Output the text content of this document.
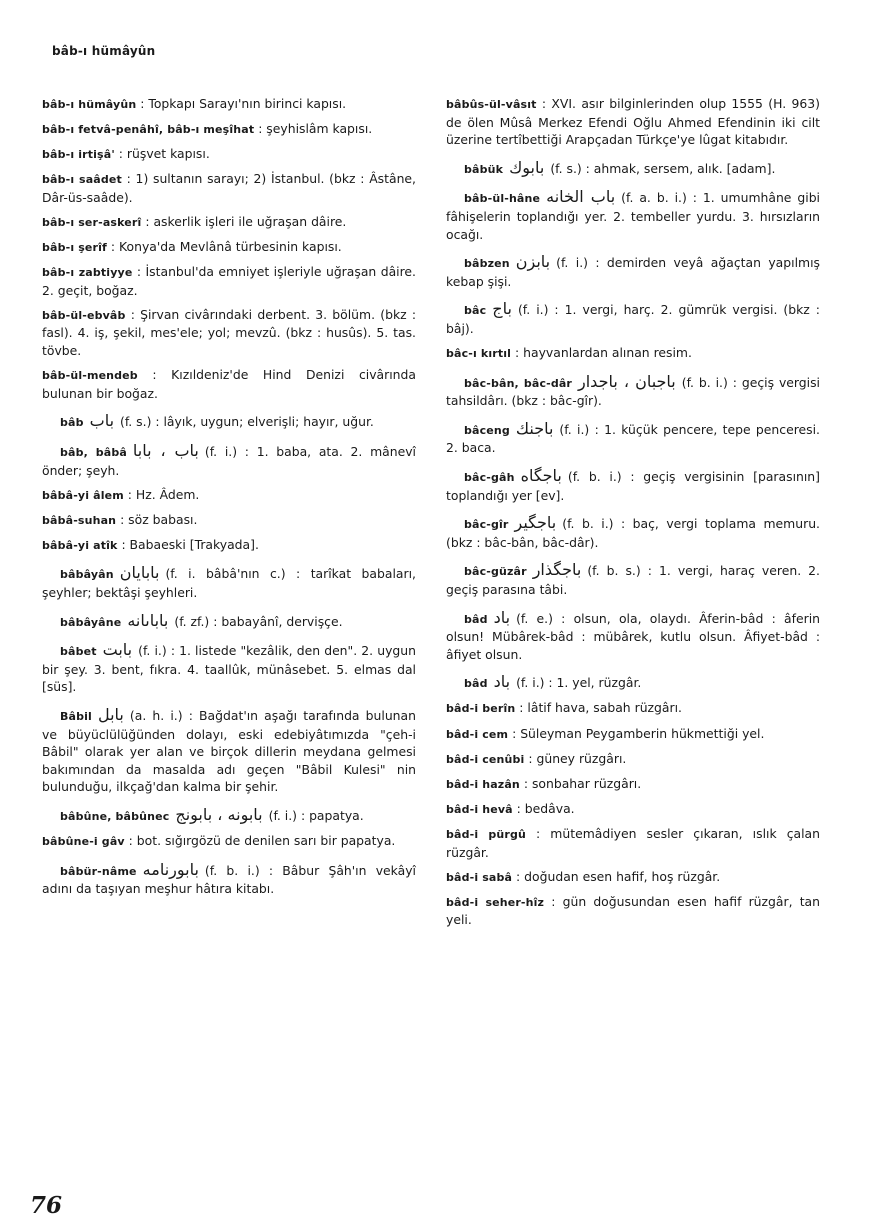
bâb-ı hümâyûn
bâb-ı hümâyûn : Topkapı Sarayı'nın birinci kapısı.
bâb-ı fetvâ-penâhî, bâb-ı meşîhat : şeyhislâm kapısı.
bâb-ı irtişâ' : rüşvet kapısı.
bâb-ı saâdet : 1) sultanın sarayı; 2) İstanbul. (bkz : Âstâne, Dâr-üs-saâde).
bâb-ı ser-askerî : askerlik işleri ile uğraşan dâire.
bâb-ı şerîf : Konya'da Mevlânâ türbesinin kapısı.
bâb-ı zabtiyye : İstanbul'da emniyet işleriyle uğraşan dâire. 2. geçit, boğaz.
bâb-ül-ebvâb : Şirvan civârındaki derbent. 3. bölüm. (bkz : fasl). 4. iş, şekil, mes'ele; yol; mevzû. (bkz : husûs). 5. tas. tövbe.
bâb-ül-mendeb : Kızıldeniz'de Hind Denizi civârında bulunan bir boğaz.
bâb باب (f. s.) : lâyık, uygun; elverişli; hayır, uğur.
bâb, bâbâ باب ، بابا (f. i.) : 1. baba, ata. 2. mânevî önder; şeyh.
bâbâ-yi âlem : Hz. Âdem.
bâbâ-suhan : söz babası.
bâbâ-yi atîk : Babaeski [Trakyada].
bâbâyân بابايان (f. i. bâbâ'nın c.) : tarîkat babaları, şeyhler; bektâşi şeyhleri.
bâbâyâne باباىانه (f. zf.) : babayânî, dervişçe.
bâbet بابت (f. i.) : 1. listede "kezâlik, den den". 2. uygun bir şey. 3. bent, fıkra. 4. taallûk, münâsebet. 5. elmas dal [süs].
Bâbil بابل (a. h. i.) : Bağdat'ın aşağı tarafında bulunan ve büyüclülüğünden dolayı, eski edebiyâtımızda "çeh-i Bâbil" olarak yer alan ve birçok dillerin meydana gelmesi bakımından da masalda adı geçen "Bâbil Kulesi" nin bulunduğu, ilkçağ'dan kalma bir şehir.
bâbûne, bâbûnec بابونه ، بابونج (f. i.) : papatya.
bâbûne-i gâv : bot. sığırgözü de denilen sarı bir papatya.
bâbür-nâme بابورنامه (f. b. i.) : Bâbur Şâh'ın vekâyî adını da taşıyan meşhur hâtıra kitabı.
bâbûs-ül-vâsıt : XVI. asır bilginlerinden olup 1555 (H. 963) de ölen Mûsâ Merkez Efendi Oğlu Ahmed Efendinin iki cilt üzerine tertîbettiği Arapçadan Türkçe'ye lûgat kitabıdır.
bâbük بابوك (f. s.) : ahmak, sersem, alık. [adam].
bâb-ül-hâne باب الخانه (f. a. b. i.) : 1. umumhâne gibi fâhişelerin toplandığı yer. 2. tembeller yurdu. 3. hırsızların ocağı.
bâbzen بابزن (f. i.) : demirden veyâ ağaçtan yapılmış kebap şişi.
bâc باج (f. i.) : 1. vergi, harç. 2. gümrük vergisi. (bkz : bâj).
bâc-ı kırtıl : hayvanlardan alınan resim.
bâc-bân, bâc-dâr باجبان ، باجدار (f. b. i.) : geçiş vergisi tahsildârı. (bkz : bâc-gîr).
bâceng باجنك (f. i.) : 1. küçük pencere, tepe penceresi. 2. baca.
bâc-gâh باجگاه (f. b. i.) : geçiş vergisinin [parasının] toplandığı yer [ev].
bâc-gîr باجگير (f. b. i.) : baç, vergi toplama memuru. (bkz : bâc-bân, bâc-dâr).
bâc-güzâr باجگذار (f. b. s.) : 1. vergi, haraç veren. 2. geçiş parasına tâbi.
bâd باد (f. e.) : olsun, ola, olaydı. Âferin-bâd : âferin olsun! Mübârek-bâd : mübârek, kutlu olsun. Âfiyet-bâd : âfiyet olsun.
bâd باد (f. i.) : 1. yel, rüzgâr.
bâd-i berîn : lâtif hava, sabah rüzgârı.
bâd-i cem : Süleyman Peygamberin hükmettiği yel.
bâd-i cenûbi : güney rüzgârı.
bâd-i hazân : sonbahar rüzgârı.
bâd-i hevâ : bedâva.
bâd-i pürgû : mütemâdiyen sesler çıkaran, ıslık çalan rüzgâr.
bâd-i sabâ : doğudan esen hafif, hoş rüzgâr.
bâd-i seher-hîz : gün doğusundan esen hafif rüzgâr, tan yeli.
76
